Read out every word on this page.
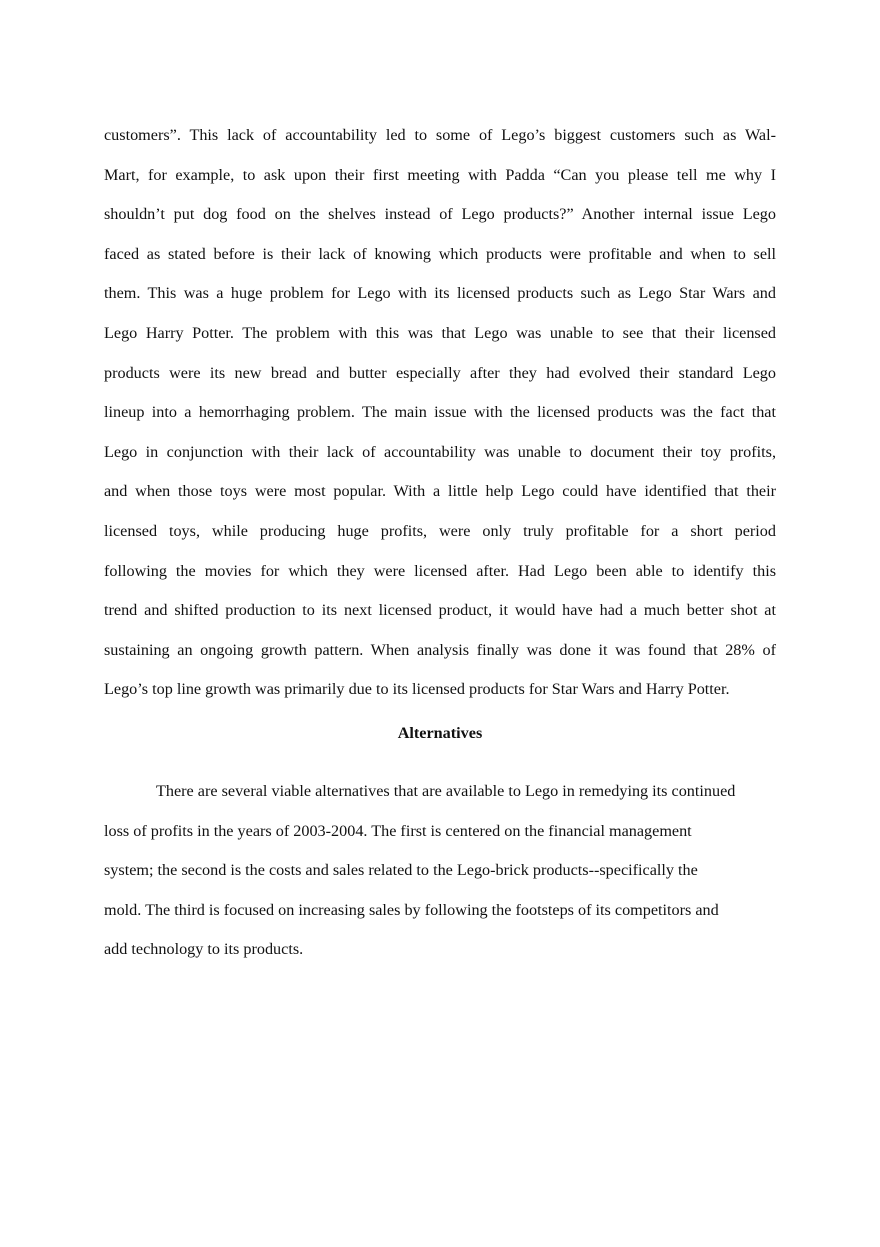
customers”. This lack of accountability led to some of Lego’s biggest customers such as Wal-
Mart, for example, to ask upon their first meeting with Padda “Can you please tell me why I
shouldn’t put dog food on the shelves instead of Lego products?” Another internal issue Lego
faced as stated before is their lack of knowing which products were profitable and when to sell
them. This was a huge problem for Lego with its licensed products such as Lego Star Wars and
Lego Harry Potter. The problem with this was that Lego was unable to see that their licensed
products were its new bread and butter especially after they had evolved their standard Lego
lineup into a hemorrhaging problem. The main issue with the licensed products was the fact that
Lego in conjunction with their lack of accountability was unable to document their toy profits,
and when those toys were most popular. With a little help Lego could have identified that their
licensed toys, while producing huge profits, were only truly profitable for a short period
following the movies for which they were licensed after. Had Lego been able to identify this
trend and shifted production to its next licensed product, it would have had a much better shot at
sustaining an ongoing growth pattern. When analysis finally was done it was found that 28% of
Lego’s top line growth was primarily due to its licensed products for Star Wars and Harry Potter.
Alternatives
There are several viable alternatives that are available to Lego in remedying its continued
loss of profits in the years of 2003-2004. The first is centered on the financial management
system; the second is the costs and sales related to the Lego-brick products--specifically the
mold. The third is focused on increasing sales by following the footsteps of its competitors and
add technology to its products.
